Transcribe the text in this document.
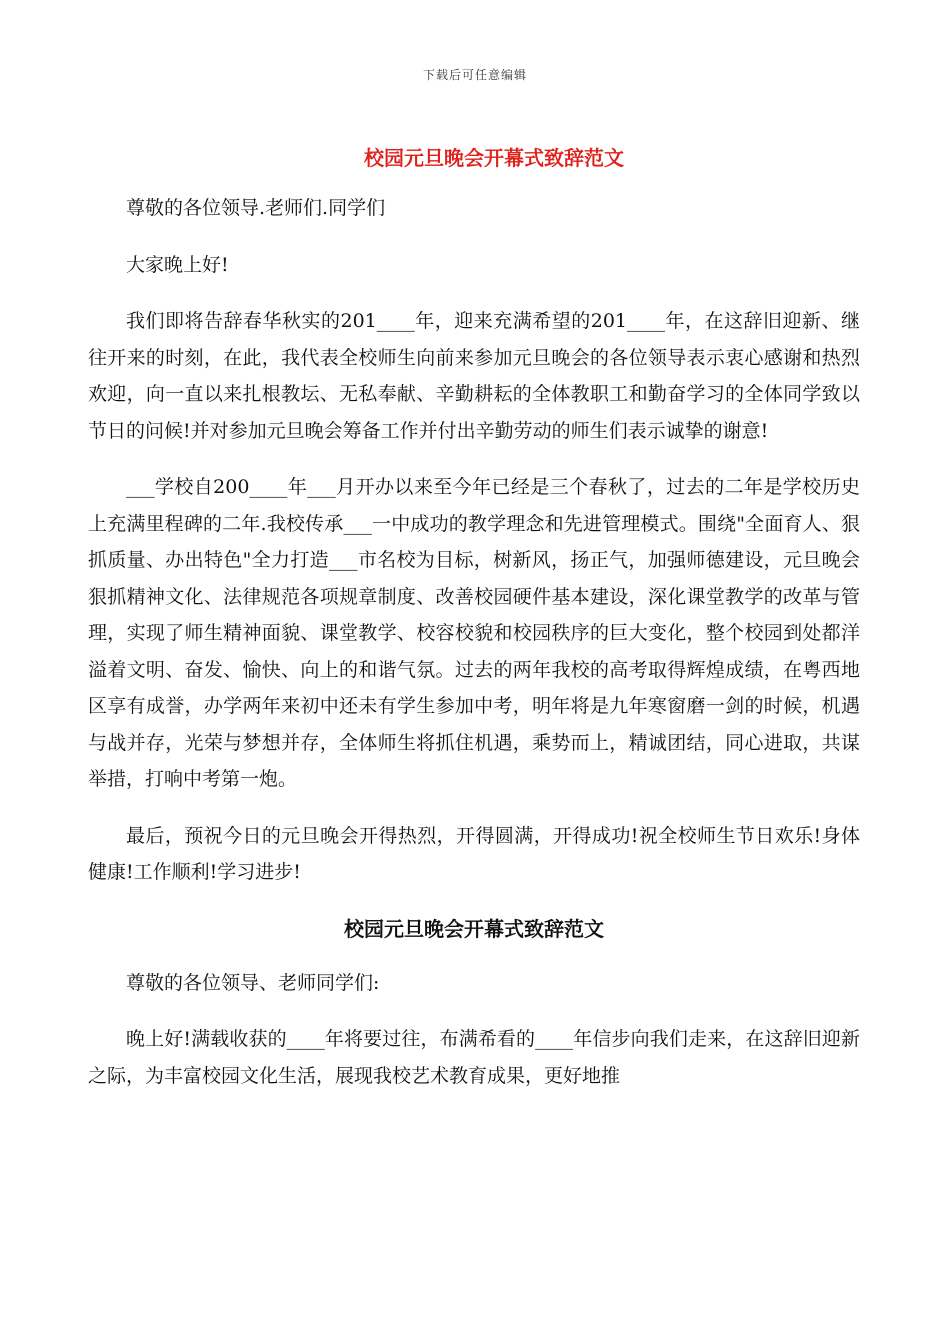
下载后可任意编辑
校园元旦晚会开幕式致辞范文

尊敬的各位领导.老师们.同学们

大家晚上好!

我们即将告辞春华秋实的201____年，迎来充满希望的201____年，在这辞旧迎新、继往开来的时刻，在此，我代表全校师生向前来参加元旦晚会的各位领导表示衷心感谢和热烈欢迎，向一直以来扎根教坛、无私奉献、辛勤耕耘的全体教职工和勤奋学习的全体同学致以节日的问候!并对参加元旦晚会筹备工作并付出辛勤劳动的师生们表示诚挚的谢意!

___学校自200____年___月开办以来至今年已经是三个春秋了，过去的二年是学校历史上充满里程碑的二年.我校传承___一中成功的教学理念和先进管理模式。围绕"全面育人、狠抓质量、办出特色"全力打造___市名校为目标，树新风，扬正气，加强师德建设，元旦晚会狠抓精神文化、法律规范各项规章制度、改善校园硬件基本建设，深化课堂教学的改革与管理，实现了师生精神面貌、课堂教学、校容校貌和校园秩序的巨大变化，整个校园到处都洋溢着文明、奋发、愉快、向上的和谐气氛。过去的两年我校的高考取得辉煌成绩，在粤西地区享有成誉，办学两年来初中还未有学生参加中考，明年将是九年寒窗磨一剑的时候，机遇与战并存，光荣与梦想并存，全体师生将抓住机遇，乘势而上，精诚团结，同心进取，共谋举措，打响中考第一炮。

最后，预祝今日的元旦晚会开得热烈，开得圆满，开得成功!祝全校师生节日欢乐!身体健康!工作顺利!学习进步!

校园元旦晚会开幕式致辞范文

尊敬的各位领导、老师同学们:

晚上好!满载收获的____年将要过往，布满希看的____年信步向我们走来，在这辞旧迎新之际，为丰富校园文化生活，展现我校艺术教育成果，更好地推
